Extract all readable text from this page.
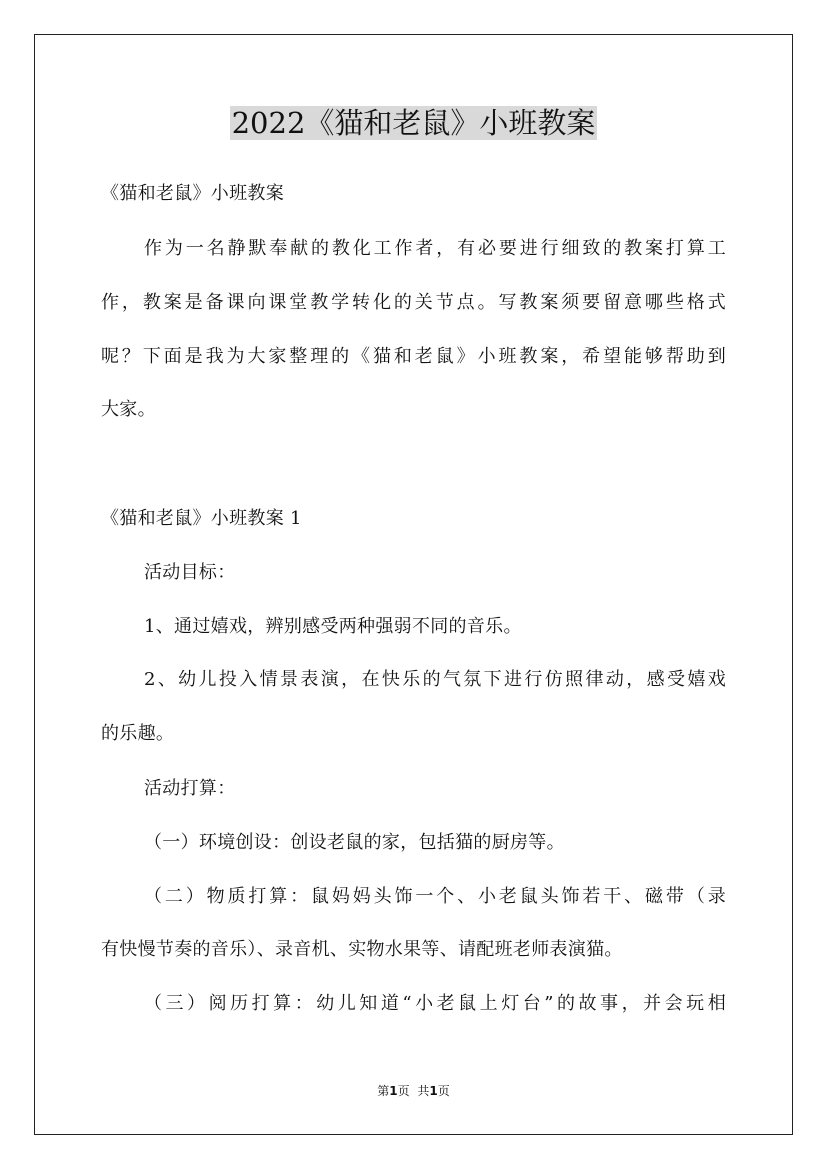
2022《猫和老鼠》小班教案
《猫和老鼠》小班教案
作为一名静默奉献的教化工作者，有必要进行细致的教案打算工
作，教案是备课向课堂教学转化的关节点。写教案须要留意哪些格式
呢？下面是我为大家整理的《猫和老鼠》小班教案，希望能够帮助到
大家。
《猫和老鼠》小班教案 1
活动目标：
1、通过嬉戏，辨别感受两种强弱不同的音乐。
2、幼儿投入情景表演，在快乐的气氛下进行仿照律动，感受嬉戏
的乐趣。
活动打算：
（一）环境创设：创设老鼠的家，包括猫的厨房等。
（二）物质打算：鼠妈妈头饰一个、小老鼠头饰若干、磁带（录
有快慢节奏的音乐）、录音机、实物水果等、请配班老师表演猫。
（三）阅历打算：幼儿知道“小老鼠上灯台”的故事，并会玩相
第1页 共1页
